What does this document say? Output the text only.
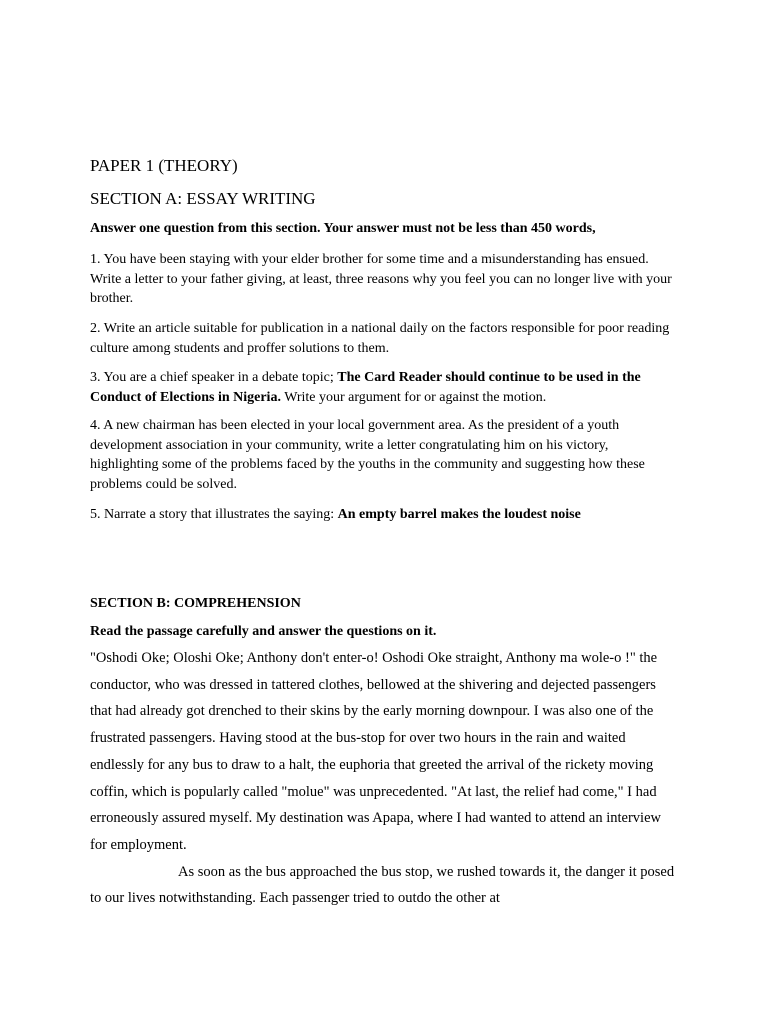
PAPER 1 (THEORY)
SECTION A: ESSAY WRITING

Answer one question from this section. Your answer must not be less than 450 words,

1. You have been staying with your elder brother for some time and a misunderstanding has ensued. Write a letter to your father giving, at least, three reasons why you feel you can no longer live with your brother.

2. Write an article suitable for publication in a national daily on the factors responsible for poor reading culture among students and proffer solutions to them.

3. You are a chief speaker in a debate topic; The Card Reader should continue to be used in the Conduct of Elections in Nigeria. Write your argument for or against the motion.

4. A new chairman has been elected in your local government area. As the president of a youth development association in your community, write a letter congratulating him on his victory, highlighting some of the problems faced by the youths in the community and suggesting how these problems could be solved.

5. Narrate a story that illustrates the saying: An empty barrel makes the loudest noise

SECTION B: COMPREHENSION

Read the passage carefully and answer the questions on it.

"Oshodi Oke; Oloshi Oke; Anthony don't enter-o! Oshodi Oke straight, Anthony ma wole-o !" the conductor, who was dressed in tattered clothes, bellowed at the shivering and dejected passengers that had already got drenched to their skins by the early morning downpour. I was also one of the frustrated passengers. Having stood at the bus-stop for over two hours in the rain and waited endlessly for any bus to draw to a halt, the euphoria that greeted the arrival of the rickety moving coffin, which is popularly called "molue" was unprecedented. "At last, the relief had come," I had erroneously assured myself. My destination was Apapa, where I had wanted to attend an interview for employment.
As soon as the bus approached the bus stop, we rushed towards it, the danger it posed to our lives notwithstanding. Each passenger tried to outdo the other at
